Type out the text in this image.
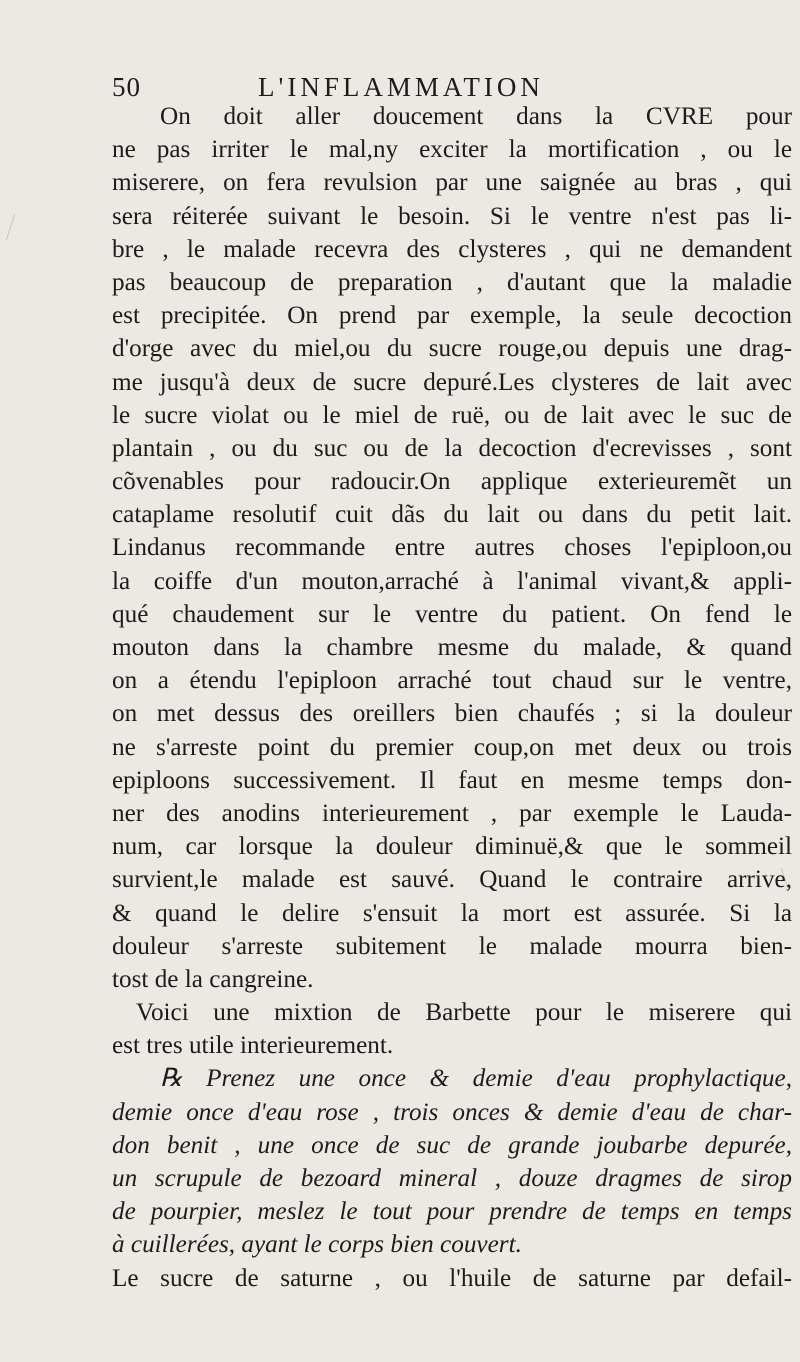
50	L'INFLAMMATION
On doit aller doucement dans la CVRE pour
ne pas irriter le mal,ny exciter la mortification , ou le
miserere, on fera revulsion par une saignée au bras , qui
sera réiterée suivant le besoin. Si le ventre n'est pas li-
bre , le malade recevra des clysteres , qui ne demandent
pas beaucoup de preparation , d'autant que la maladie
est precipitée. On prend par exemple, la seule decoction
d'orge avec du miel,ou du sucre rouge,ou depuis une drag-
me jusqu'à deux de sucre depuré.Les clysteres de lait avec
le sucre violat ou le miel de ruë, ou de lait avec le suc de
plantain , ou du suc ou de la decoction d'ecrevisses , sont
cõvenables pour radoucir.On applique exterieuremẽt un
cataplame resolutif cuit dãs du lait ou dans du petit lait.
Lindanus recommande entre autres choses l'epiploon,ou
la coiffe d'un mouton,arraché à l'animal vivant,& appli-
qué chaudement sur le ventre du patient. On fend le
mouton dans la chambre mesme du malade, & quand
on a étendu l'epiploon arraché tout chaud sur le ventre,
on met dessus des oreillers bien chaufés ; si la douleur
ne s'arreste point du premier coup,on met deux ou trois
epiploons successivement. Il faut en mesme temps don-
ner des anodins interieurement , par exemple le Lauda-
num, car lorsque la douleur diminuë,& que le sommeil
survient,le malade est sauvé. Quand le contraire arrive,
& quand le delire s'ensuit la mort est assurée. Si la
douleur s'arreste subitement le malade mourra bien-
tost de la cangreine.
Voici une mixtion de Barbette pour le miserere qui
est tres utile interieurement.
℞ Prenez une once & demie d'eau prophylactique,
demie once d'eau rose , trois onces & demie d'eau de char-
don benit , une once de suc de grande joubarbe depurée,
un scrupule de bezoard mineral , douze dragmes de sirop
de pourpier, meslez le tout pour prendre de temps en temps
à cuillerées, ayant le corps bien couvert.
Le sucre de saturne , ou l'huile de saturne par defail-
